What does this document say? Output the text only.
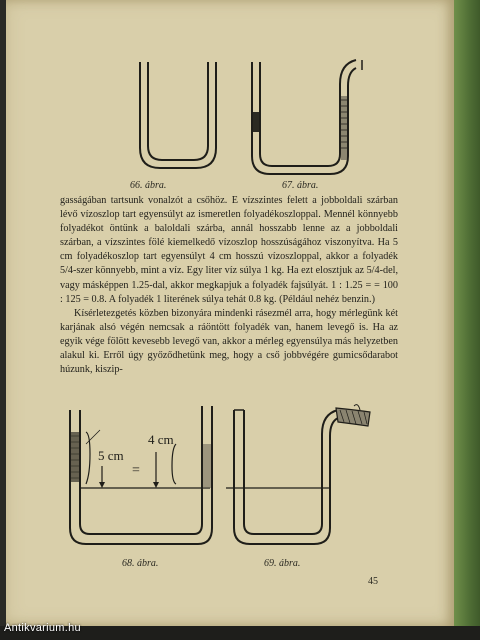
66. ábra.	67. ábra.

gasságában tartsunk vonalzót a csőhöz. E vízszintes felett a jobboldali szárban lévő vízoszlop tart egyensúlyt az ismeretlen folyadékoszloppal. Mennél könnyebb folyadékot öntünk a baloldali szárba, annál hosszabb lenne az a jobboldali szárban, a vízszintes fölé kiemelkedő vízoszlop hosszúságához viszonyítva. Ha 5 cm folyadékoszlop tart egyensúlyt 4 cm hosszú vízoszloppal, akkor a folyadék 5/4-szer könnyebb, mint a víz. Egy liter víz súlya 1 kg. Ha ezt elosztjuk az 5/4-del, vagy másképpen 1.25-dal, akkor megkapjuk a folyadék fajsúlyát. 1 : 1.25 = = 100 : 125 = 0.8. A folyadék 1 literének súlya tehát 0.8 kg. (Például nehéz benzin.)

Kísérletezgetés közben bizonyára mindenki rásezmél arra, hogy mérlegünk két karjának alsó végén nemcsak a ráöntött folyadék van, hanem levegő is. Ha az egyik vége fölött kevesebb levegő van, akkor a mérleg egyensúlya más helyzetben alakul ki. Erről úgy győződhetünk meg, hogy a cső jobbvégére gumicsődarabot húzunk, kiszip-

5 cm
4 cm
=
68. ábra.	69. ábra.
45
Antikvarium.hu
